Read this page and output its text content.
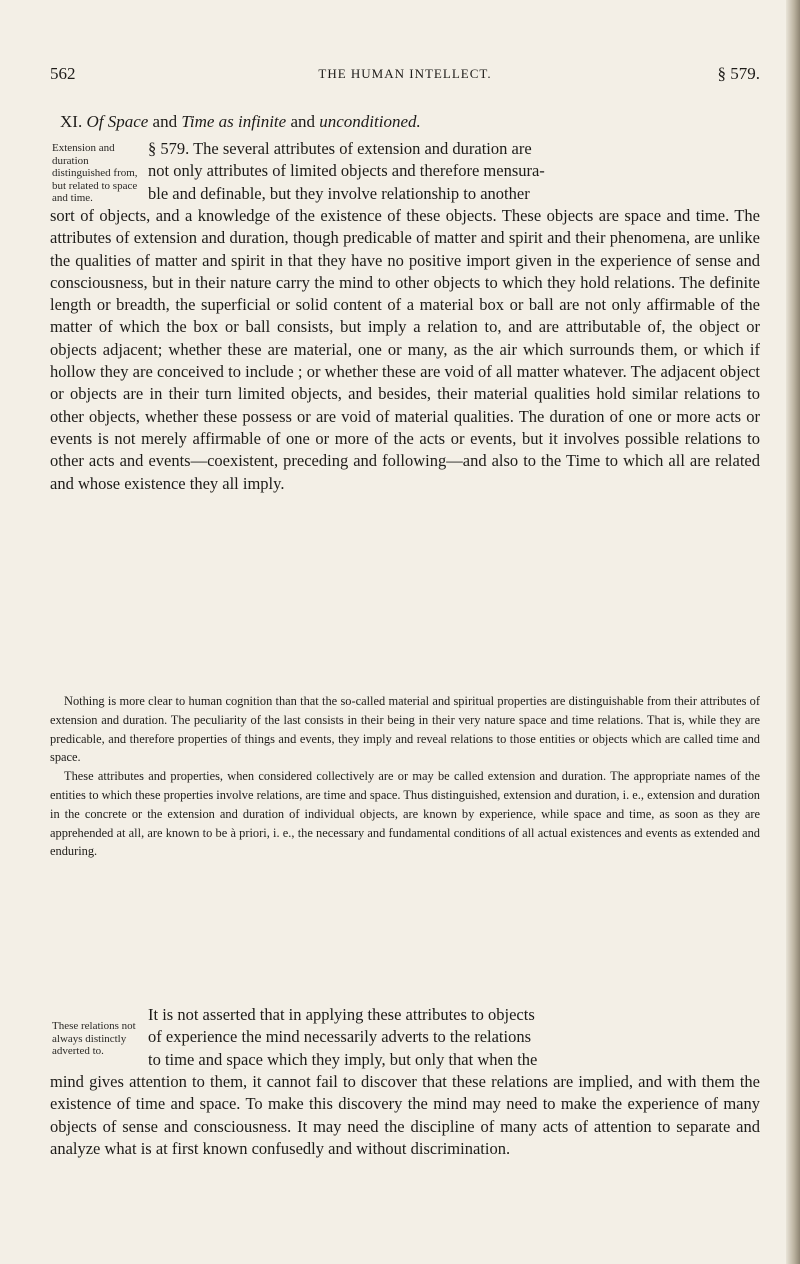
562	THE HUMAN INTELLECT.	§ 579.
XI. Of Space and Time as infinite and unconditioned.
Extension and duration distinguished from, but related to space and time.
§ 579. The several attributes of extension and duration are
not only attributes of limited objects and therefore mensura-
ble and definable, but they involve relationship to another
sort of objects, and a knowledge of the existence of these objects. These objects are space and time. The attributes of extension and duration, though predicable of matter and spirit and their phenomena, are unlike the qualities of matter and spirit in that they have no positive import given in the experience of sense and consciousness, but in their nature carry the mind to other objects to which they hold relations. The definite length or breadth, the superficial or solid content of a material box or ball are not only affirmable of the matter of which the box or ball consists, but imply a relation to, and are attributable of, the object or objects adjacent; whether these are material, one or many, as the air which surrounds them, or which if hollow they are conceived to include ; or whether these are void of all matter whatever. The adjacent object or objects are in their turn limited objects, and besides, their material qualities hold similar relations to other objects, whether these possess or are void of material qualities. The duration of one or more acts or events is not merely affirmable of one or more of the acts or events, but it involves possible relations to other acts and events—coexistent, preceding and following—and also to the Time to which all are related and whose existence they all imply.
Nothing is more clear to human cognition than that the so-called material and spiritual properties are distinguishable from their attributes of extension and duration. The peculiarity of the last consists in their being in their very nature space and time relations. That is, while they are predicable, and therefore properties of things and events, they imply and reveal relations to those entities or objects which are called time and space.
These attributes and properties, when considered collectively are or may be called extension and duration. The appropriate names of the entities to which these properties involve relations, are time and space. Thus distinguished, extension and duration, i. e., extension and duration in the concrete or the extension and duration of individual objects, are known by experience, while space and time, as soon as they are apprehended at all, are known to be à priori, i. e., the necessary and fundamental conditions of all actual existences and events as extended and enduring.
These relations not always distinctly adverted to.
It is not asserted that in applying these attributes to objects
of experience the mind necessarily adverts to the relations
to time and space which they imply, but only that when the
mind gives attention to them, it cannot fail to discover that these relations are implied, and with them the existence of time and space. To make this discovery the mind may need to make the experience of many objects of sense and consciousness. It may need the discipline of many acts of attention to separate and analyze what is at first known confusedly and without discrimination.
